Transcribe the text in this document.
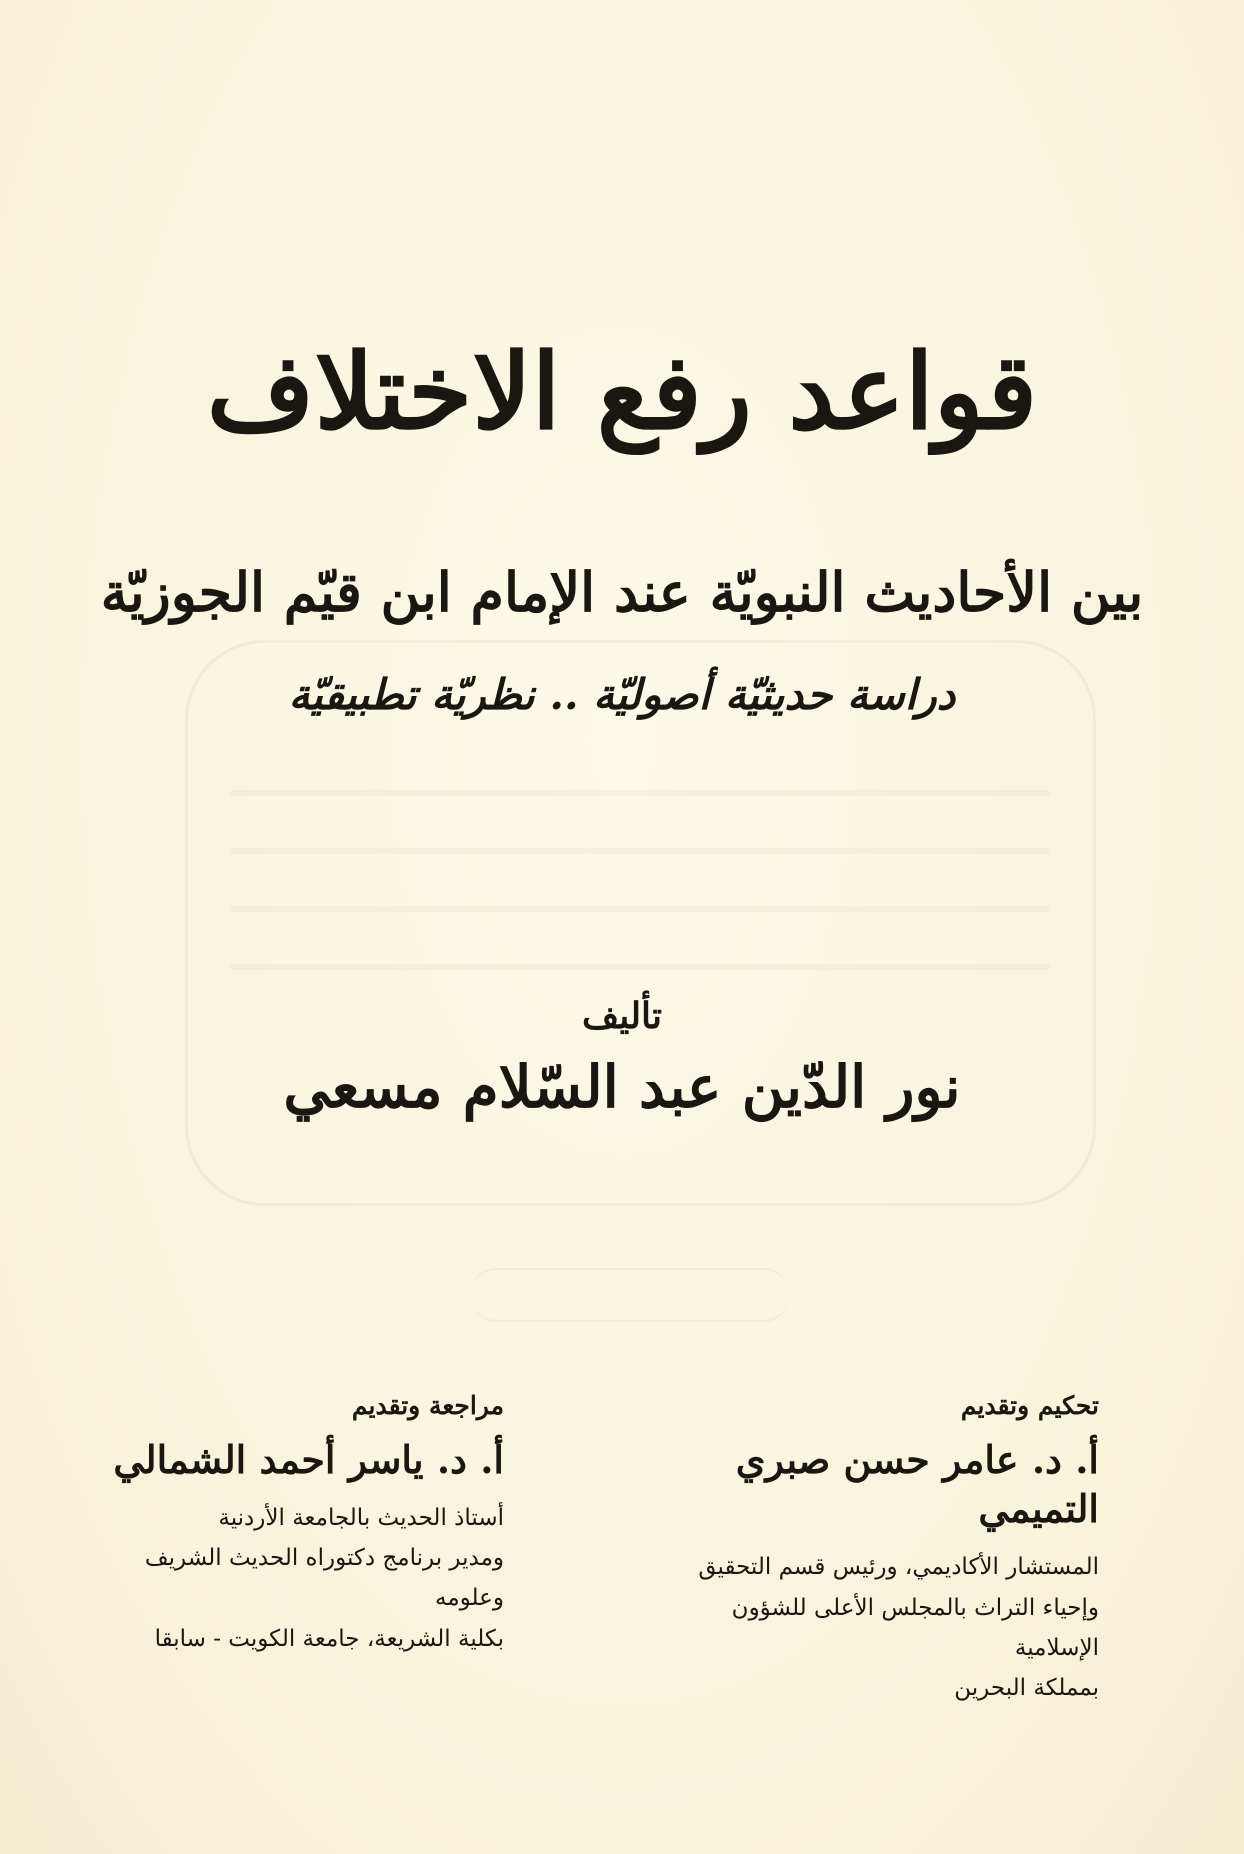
قواعد رفع الاختلاف
بين الأحاديث النبويّة عند الإمام ابن قيّم الجوزيّة
دراسة حديثيّة أصوليّة .. نظريّة تطبيقيّة
تأليف
نور الدّين عبد السّلام مسعي
تحكيم وتقديم
أ. د. عامر حسن صبري التميمي
المستشار الأكاديمي، ورئيس قسم التحقيق
وإحياء التراث بالمجلس الأعلى للشؤون الإسلامية
بمملكة البحرين
مراجعة وتقديم
أ. د. ياسر أحمد الشمالي
أستاذ الحديث بالجامعة الأردنية
ومدير برنامج دكتوراه الحديث الشريف وعلومه
بكلية الشريعة، جامعة الكويت - سابقا
